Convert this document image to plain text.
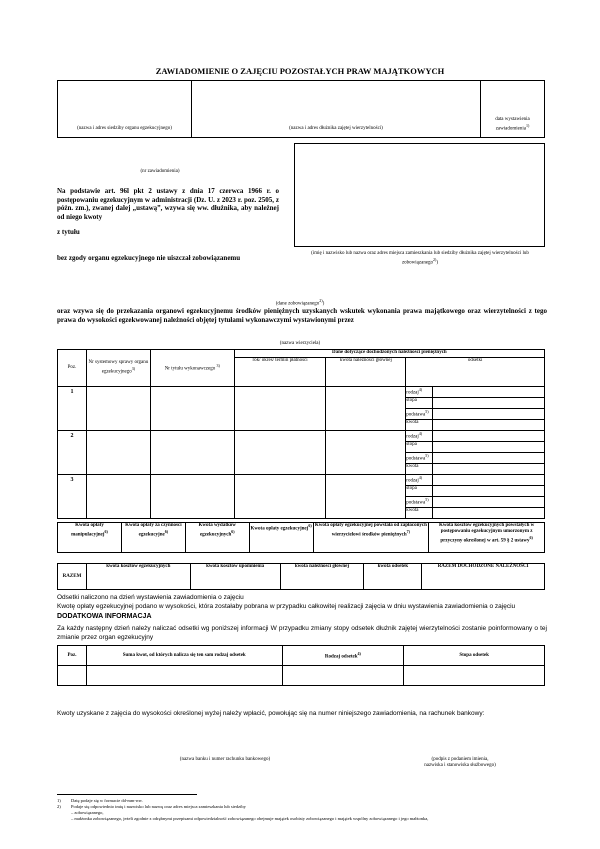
ZAWIADOMIENIE O ZAJĘCIU POZOSTAŁYCH PRAW MAJĄTKOWYCH
(nazwa i adres siedziby organu egzekucyjnego)	(nazwa i adres dłużnika zajętej wierzytelności)
data wystawienia
zawiadomienia$^{1)}$
(nr zawiadomienia)
Na podstawie art. 96l pkt 2 ustawy z dnia 17 czerwca 1966 r. o postępowaniu egzekucyjnym w administracji (Dz. U. z 2023 r. poz. 2505, z późn. zm.), zwanej dalej „ustawą”, wzywa się ww. dłużnika, aby należnej od niego kwoty
z tytułu
bez zgody organu egzekucyjnego nie uiszczał zobowiązanemu
(imię i nazwisko lub nazwa oraz adres miejsca zamieszkania lub siedziby dłużnika zajętej wierzytelności lub zobowiązanego$^{2)}$)
(dane zobowiązanego$^{2)}$)
oraz wzywa się do przekazania organowi egzekucyjnemu środków pieniężnych uzyskanych wskutek wykonania prawa majątkowego oraz wierzytelności z tego prawa do wysokości egzekwowanej należności objętej tytułami wykonawczymi wystawionymi przez
(nazwa wierzyciela)
Poz.	Nr systemowy sprawy organu egzekucyjnego$^{3)}$	Nr tytułu wykonawczego $^{3)}$	Dane dotyczące dochodzonych należności pieniężnych			
			rok/ okres/ termin płatności	kwota należności głównej	odsetki	
1					rodzaj$^{4)}$	
					stopa	
					podstawa$^{5)}$	
					kwota	
2					rodzaj$^{4)}$	
					stopa	
					podstawa$^{5)}$	
					kwota	
3					rodzaj$^{4)}$	
					stopa	
					podstawa$^{5)}$	
					kwota	
Kwota opłaty manipulacyjnej$^{6)}$	Kwota opłaty za czynności egzekucyjne$^{6)}$	Kwota wydatków egzekucyjnych$^{6)}$	Kwota opłaty egzekucyjnej$^{6)}$	Kwota opłaty egzekucyjnej powstała od zapłaconych wierzycielowi środków pieniężnych$^{7)}$	Kwota kosztów egzekucyjnych powstałych w postępowaniu egzekucyjnym umorzonym z przyczyny określonej w art. 59 § 2 ustawy$^{6)}$
RAZEM	kwota kosztów egzekucyjnych	kwota kosztów upomnienia	kwota należności głównej	kwota odsetek	RAZEM DOCHODZONE NALEŻNOŚCI
Odsetki naliczono na dzień wystawienia zawiadomienia o zajęciu
Kwotę opłaty egzekucyjnej podano w wysokości, która zostałaby pobrana w przypadku całkowitej realizacji zajęcia w dniu wystawienia zawiadomienia o zajęciu
DODATKOWA INFORMACJA
Za każdy następny dzień należy naliczać odsetki wg poniższej informacji W przypadku zmiany stopy odsetek dłużnik zajętej wierzytelności zostanie poinformowany o tej zmianie przez organ egzekucyjny
Poz.	Suma kwot, od których nalicza się ten sam rodzaj odsetek	Rodzaj odsetek$^{4)}$	Stopa odsetek

Kwoty uzyskane z zajęcia do wysokości określonej wyżej należy wpłacić, powołując się na numer niniejszego zawiadomienia, na rachunek bankowy:
(nazwa banku i numer rachunku bankowego)	(podpis z podaniem imienia,
nazwiska i stanowiska służbowego)
1) Datę podaje się w formacie dd-mm-rrrr.
2) Podaje się odpowiednio imię i nazwisko lub nazwę oraz adres miejsca zamieszkania lub siedziby
– zobowiązanego,
– małżonka zobowiązanego, jeżeli zgodnie z odrębnymi przepisami odpowiedzialność zobowiązanego obejmuje majątek osobisty zobowiązanego i majątek wspólny zobowiązanego i jego małżonka,
